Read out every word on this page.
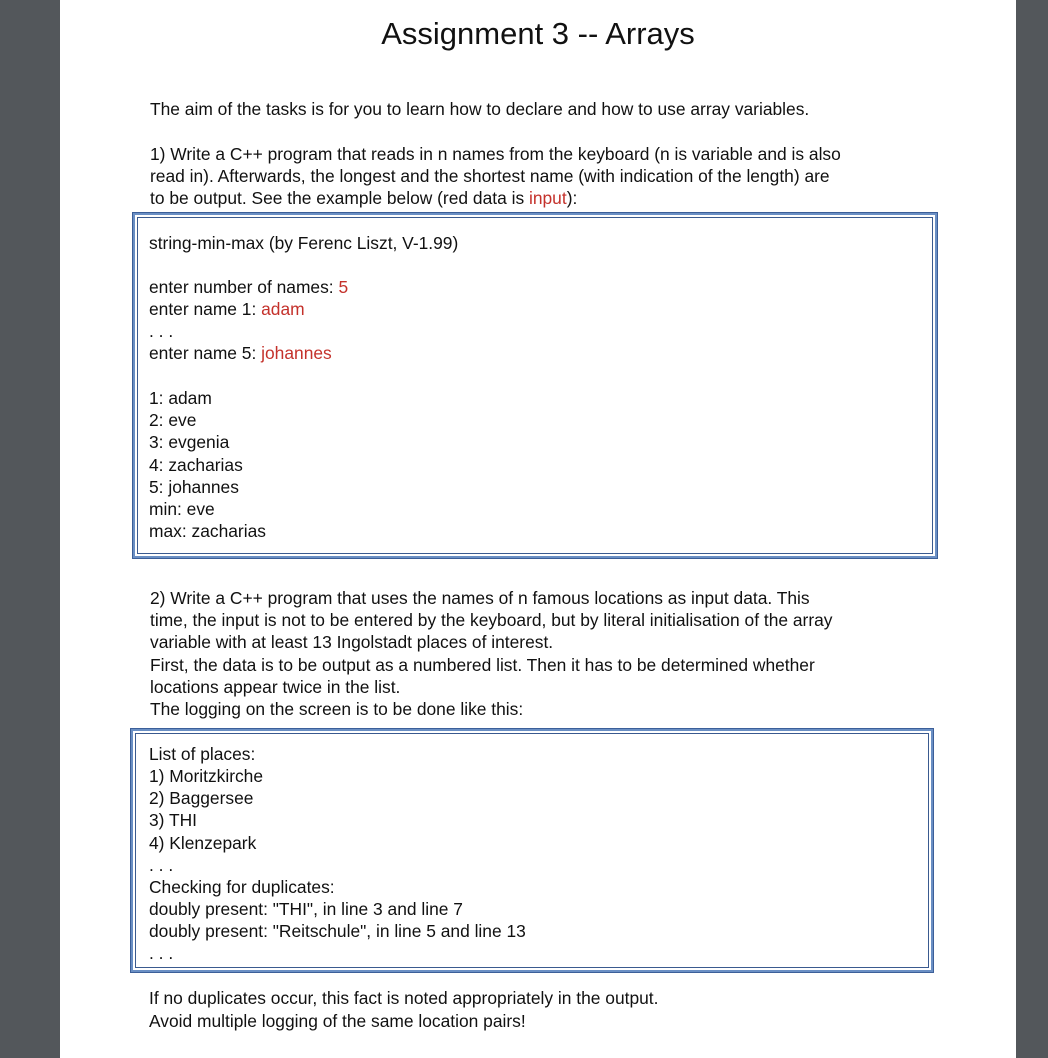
Assignment 3 -- Arrays
The aim of the tasks is for you to learn how to declare and how to use array variables.
1) Write a C++ program that reads in n names from the keyboard (n is variable and is also
read in). Afterwards, the longest and the shortest name (with indication of the length) are
to be output. See the example below (red data is input):
string-min-max (by Ferenc Liszt, V-1.99)
enter number of names: 5
enter name 1: adam
. . .
enter name 5: johannes
1: adam
2: eve
3: evgenia
4: zacharias
5: johannes
min: eve
max: zacharias
2) Write a C++ program that uses the names of n famous locations as input data. This
time, the input is not to be entered by the keyboard, but by literal initialisation of the array
variable with at least 13 Ingolstadt places of interest.
First, the data is to be output as a numbered list. Then it has to be determined whether
locations appear twice in the list.
The logging on the screen is to be done like this:
List of places:
1) Moritzkirche
2) Baggersee
3) THI
4) Klenzepark
. . .
Checking for duplicates:
doubly present: "THI", in line 3 and line 7
doubly present: "Reitschule", in line 5 and line 13
. . .
If no duplicates occur, this fact is noted appropriately in the output.
Avoid multiple logging of the same location pairs!
